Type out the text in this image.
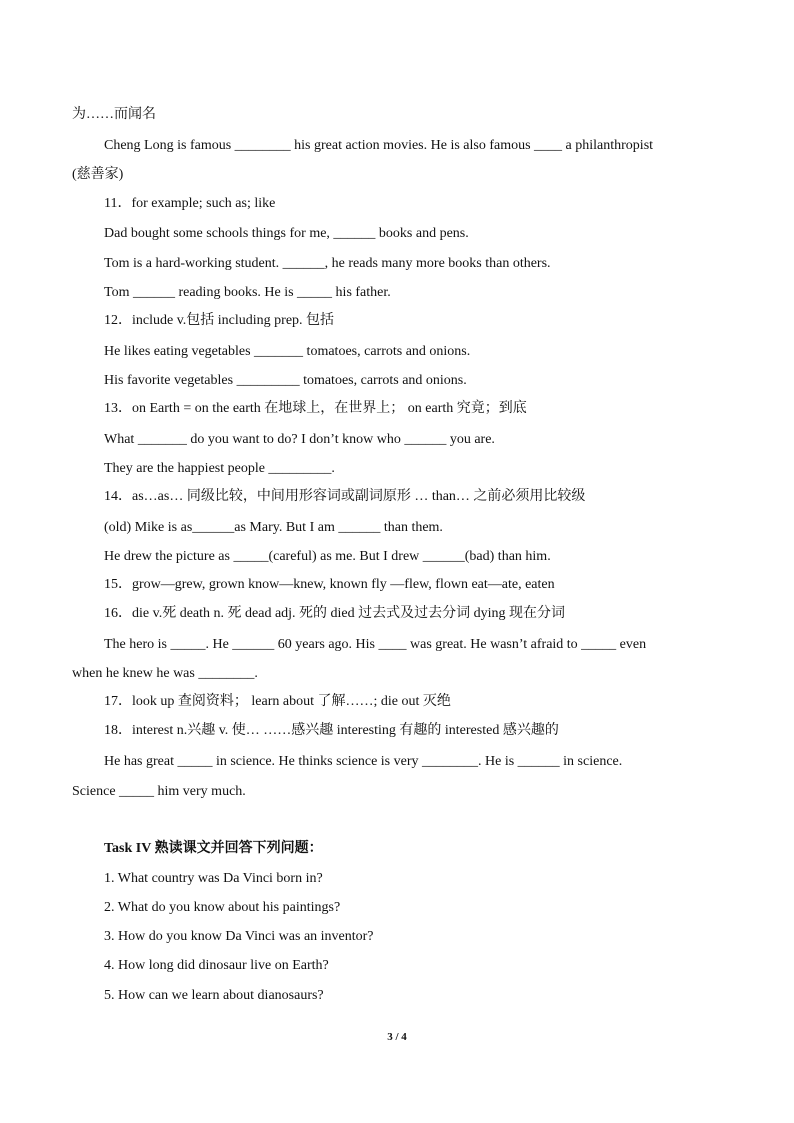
为……而闻名
Cheng Long is famous ________ his great action movies. He is also famous ____ a philanthropist
(慈善家)
11．for example; such as; like
Dad bought some schools things for me, ______ books and pens.
Tom is a hard-working student. ______, he reads many more books than others.
Tom ______ reading books. He is _____ his father.
12．include v.包括 including prep. 包括
He likes eating vegetables _______ tomatoes, carrots and onions.
His favorite vegetables _________ tomatoes, carrots and onions.
13．on Earth = on the earth 在地球上，在世界上； on earth 究竟；到底
What _______ do you want to do? I don’t know who ______ you are.
They are the happiest people _________.
14．as…as… 同级比较，中间用形容词或副词原形 … than… 之前必须用比较级
(old) Mike is as______as Mary. But I am ______ than them.
He drew the picture as _____(careful) as me. But I drew ______(bad) than him.
15．grow—grew, grown know—knew, known fly —flew, flown eat—ate, eaten
16．die v.死 death n. 死 dead adj. 死的 died 过去式及过去分词 dying 现在分词
The hero is _____. He ______ 60 years ago. His ____ was great. He wasn’t afraid to _____ even
when he knew he was ________.
17．look up 查阅资料； learn about 了解……; die out 灭绝
18．interest n.兴趣 v. 使… ……感兴趣 interesting 有趣的 interested 感兴趣的
He has great _____ in science. He thinks science is very ________. He is ______ in science.
Science _____ him very much.
Task IV 熟读课文并回答下列问题：
1. What country was Da Vinci born in?
2. What do you know about his paintings?
3. How do you know Da Vinci was an inventor?
4. How long did dinosaur live on Earth?
5. How can we learn about dianosaurs?
3 / 4
